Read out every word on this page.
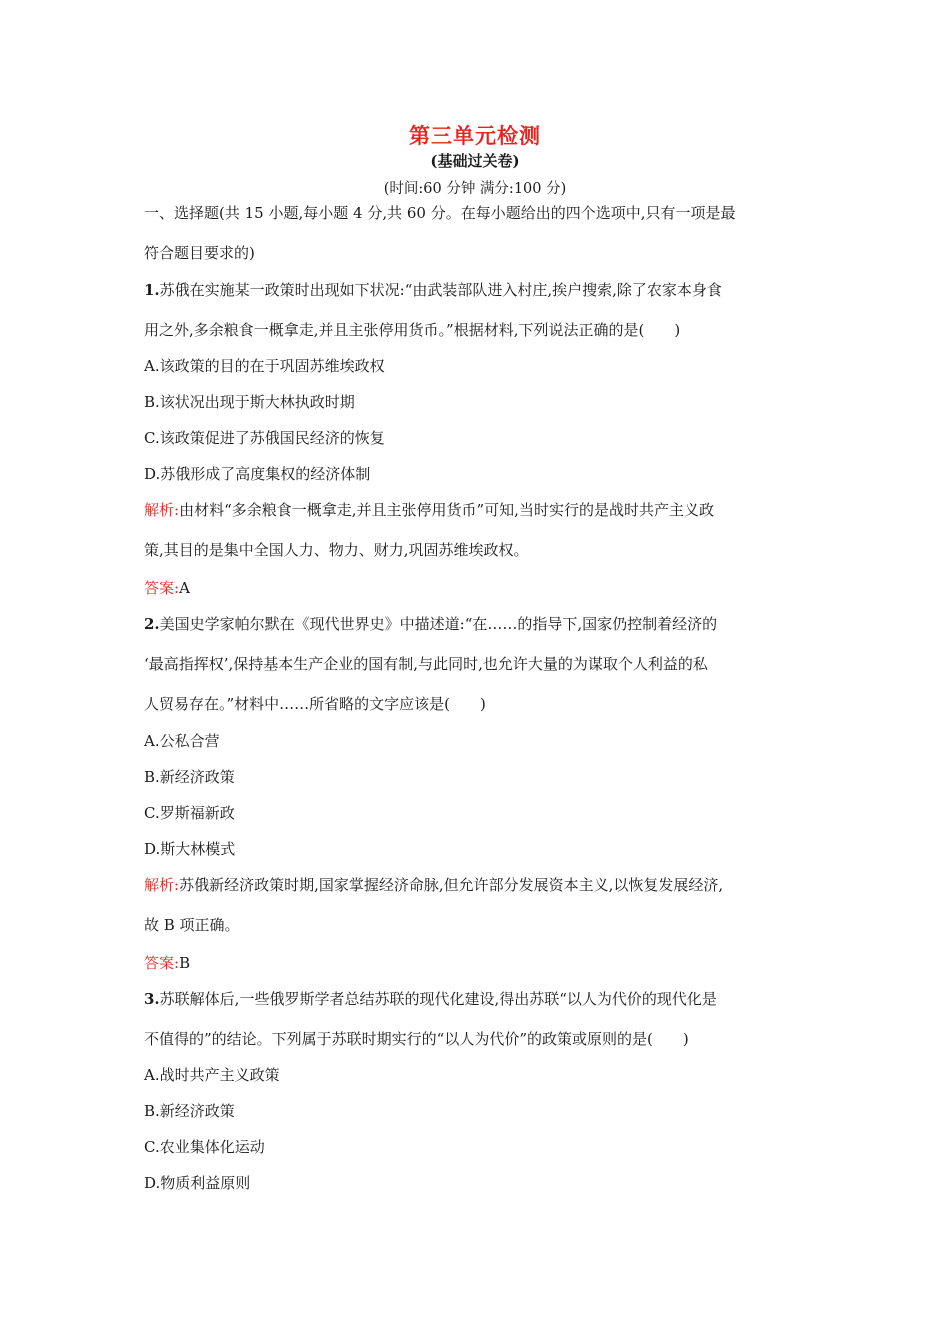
第三单元检测
(基础过关卷)
(时间:60 分钟 满分:100 分)
一、选择题(共 15 小题,每小题 4 分,共 60 分。在每小题给出的四个选项中,只有一项是最
符合题目要求的)
1.苏俄在实施某一政策时出现如下状况:“由武装部队进入村庄,挨户搜索,除了农家本身食
用之外,多余粮食一概拿走,并且主张停用货币。”根据材料,下列说法正确的是(　　)
A.该政策的目的在于巩固苏维埃政权
B.该状况出现于斯大林执政时期
C.该政策促进了苏俄国民经济的恢复
D.苏俄形成了高度集权的经济体制
解析:由材料“多余粮食一概拿走,并且主张停用货币”可知,当时实行的是战时共产主义政
策,其目的是集中全国人力、物力、财力,巩固苏维埃政权。
答案:A
2.美国史学家帕尔默在《现代世界史》中描述道:“在……的指导下,国家仍控制着经济的
‘最高指挥权’,保持基本生产企业的国有制,与此同时,也允许大量的为谋取个人利益的私
人贸易存在。”材料中……所省略的文字应该是(　　)
A.公私合营
B.新经济政策
C.罗斯福新政
D.斯大林模式
解析:苏俄新经济政策时期,国家掌握经济命脉,但允许部分发展资本主义,以恢复发展经济,
故 B 项正确。
答案:B
3.苏联解体后,一些俄罗斯学者总结苏联的现代化建设,得出苏联“以人为代价的现代化是
不值得的”的结论。下列属于苏联时期实行的“以人为代价”的政策或原则的是(　　)
A.战时共产主义政策
B.新经济政策
C.农业集体化运动
D.物质利益原则
